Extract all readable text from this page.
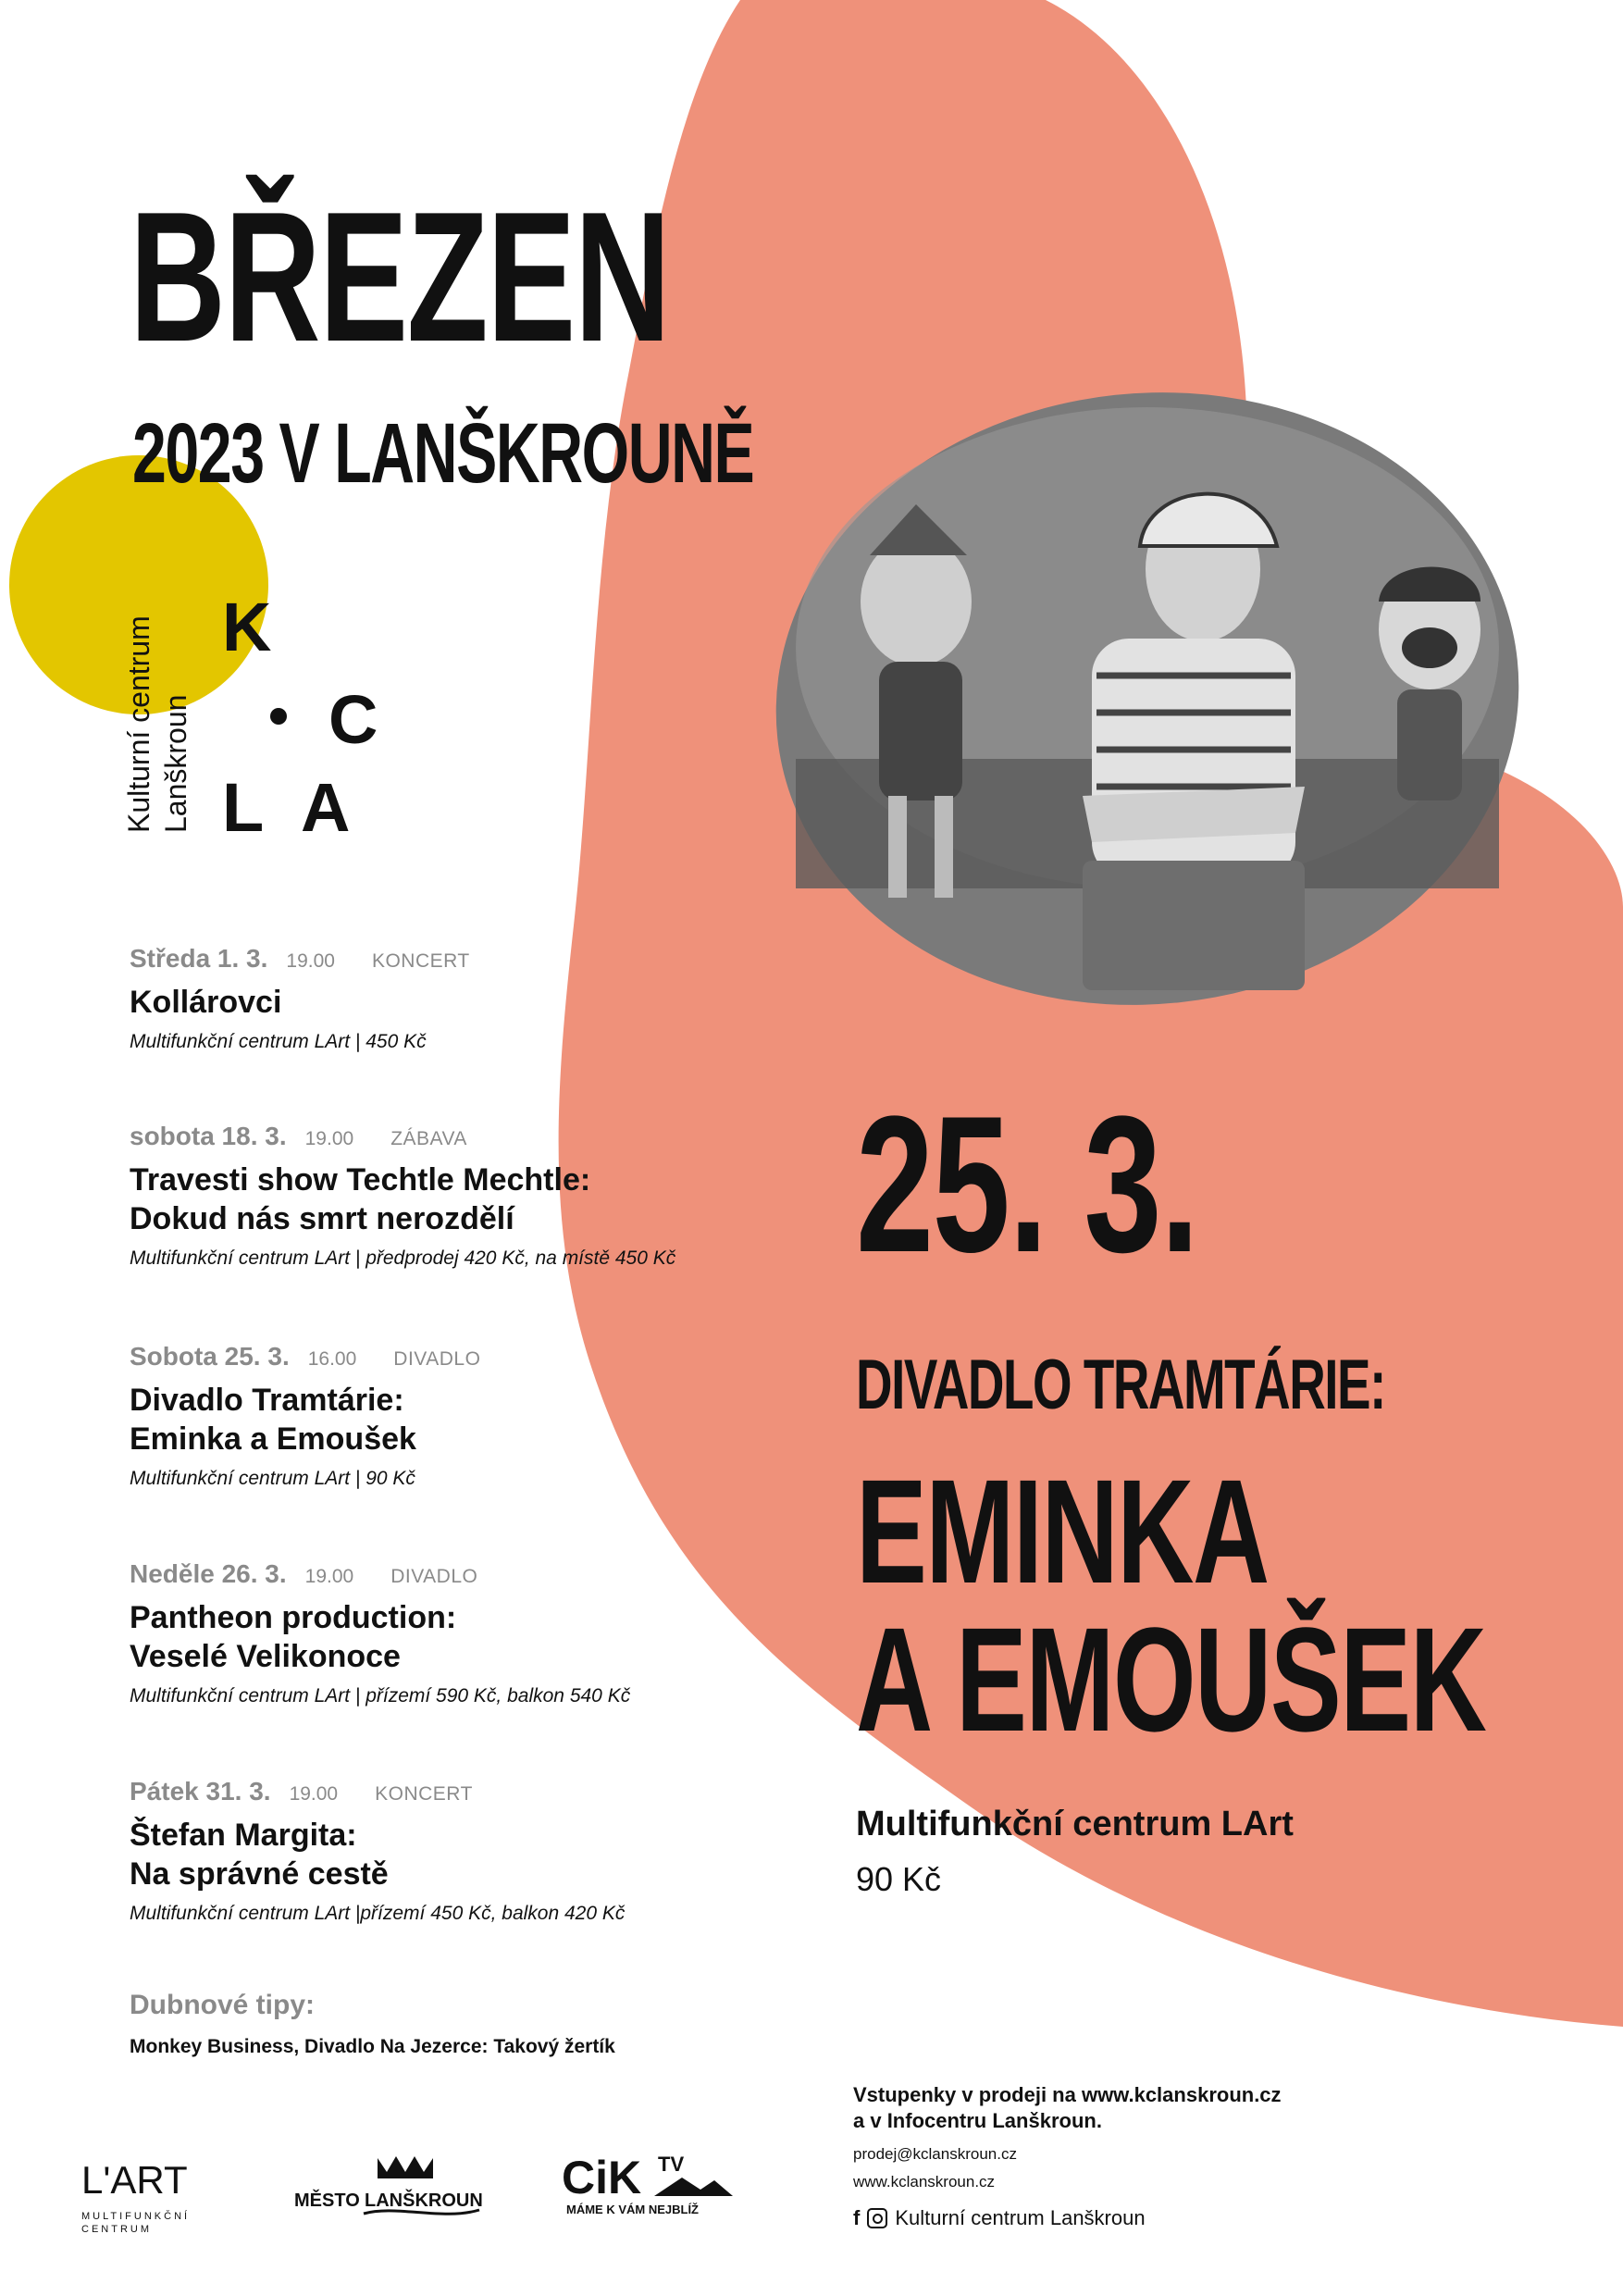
BŘEZEN
2023 V LANŠKROUNĚ
Kulturní centrum Lanškroun
K
C
L A
Středa 1. 3. 19.00 KONCERT
Kollárovci
Multifunkční centrum LArt | 450 Kč
sobota 18. 3. 19.00 ZÁBAVA
Travesti show Techtle Mechtle:
Dokud nás smrt nerozdělí
Multifunkční centrum LArt | předprodej 420 Kč, na místě 450 Kč
Sobota 25. 3. 16.00 DIVADLO
Divadlo Tramtárie:
Eminka a Emoušek
Multifunkční centrum LArt | 90 Kč
Neděle 26. 3. 19.00 DIVADLO
Pantheon production:
Veselé Velikonoce
Multifunkční centrum LArt | přízemí 590 Kč, balkon 540 Kč
Pátek 31. 3. 19.00 KONCERT
Štefan Margita:
Na správné cestě
Multifunkční centrum LArt |přízemí 450 Kč, balkon 420 Kč
Dubnové tipy:
Monkey Business, Divadlo Na Jezerce: Takový žertík
25. 3.
DIVADLO TRAMTÁRIE:
EMINKA
A EMOUŠEK
Multifunkční centrum LArt
90 Kč
Vstupenky v prodeji na www.kclanskroun.cz
a v Infocentru Lanškroun.
prodej@kclanskroun.cz
www.kclanskroun.cz
f Kulturní centrum Lanškroun
L'ART
MULTIFUNKČNÍ
CENTRUM
MĚSTO LANŠKROUN CiK TV
MÁME K VÁM NEJBLÍŽ
